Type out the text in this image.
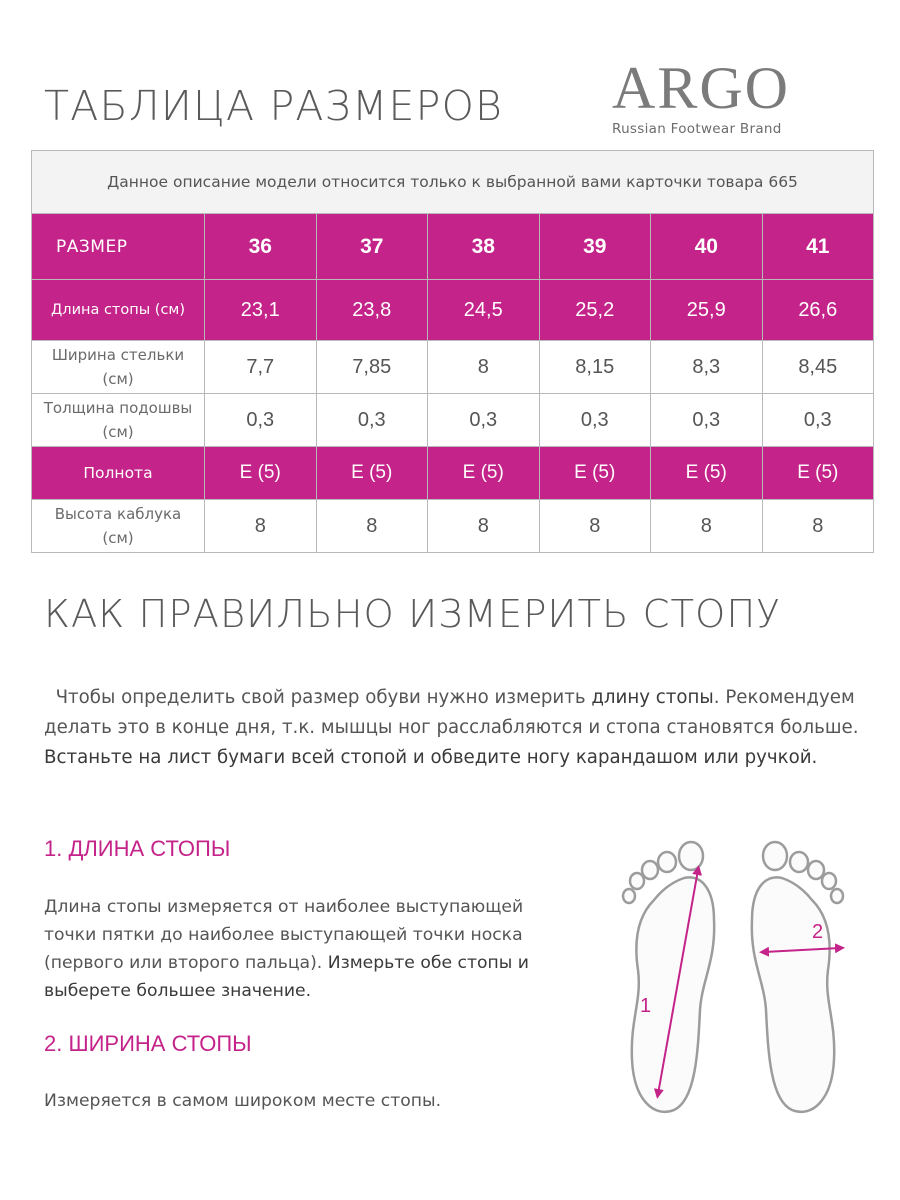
ТАБЛИЦА РАЗМЕРОВ ARGO
Russian Footwear Brand
Данное описание модели относится только к выбранной вами карточки товара 665						
РАЗМЕР	36	37	38	39	40	41
Длина стопы (см)	23,1	23,8	24,5	25,2	25,9	26,6
Ширина стельки
(см)	7,7	7,85	8	8,15	8,3	8,45
Толщина подошвы
(см)	0,3	0,3	0,3	0,3	0,3	0,3
Полнота	E (5)	E (5)	E (5)	E (5)	E (5)	E (5)
Высота каблука
(см)	8	8	8	8	8	8
КАК ПРАВИЛЬНО ИЗМЕРИТЬ СТОПУ

Чтобы определить свой размер обуви нужно измерить длину стопы. Рекомендуем делать это в конце дня, т.к. мышцы ног расслабляются и стопа становятся больше.

Встаньте на лист бумаги всей стопой и обведите ногу карандашом или ручкой.

1. ДЛИНА СТОПЫ

Длина стопы измеряется от наиболее выступающей точки пятки до наиболее выступающей точки носка (первого или второго пальца). Измерьте обе стопы и выберете большее значение.

2. ШИРИНА СТОПЫ
Измеряется в самом широком месте стопы.
1
2
